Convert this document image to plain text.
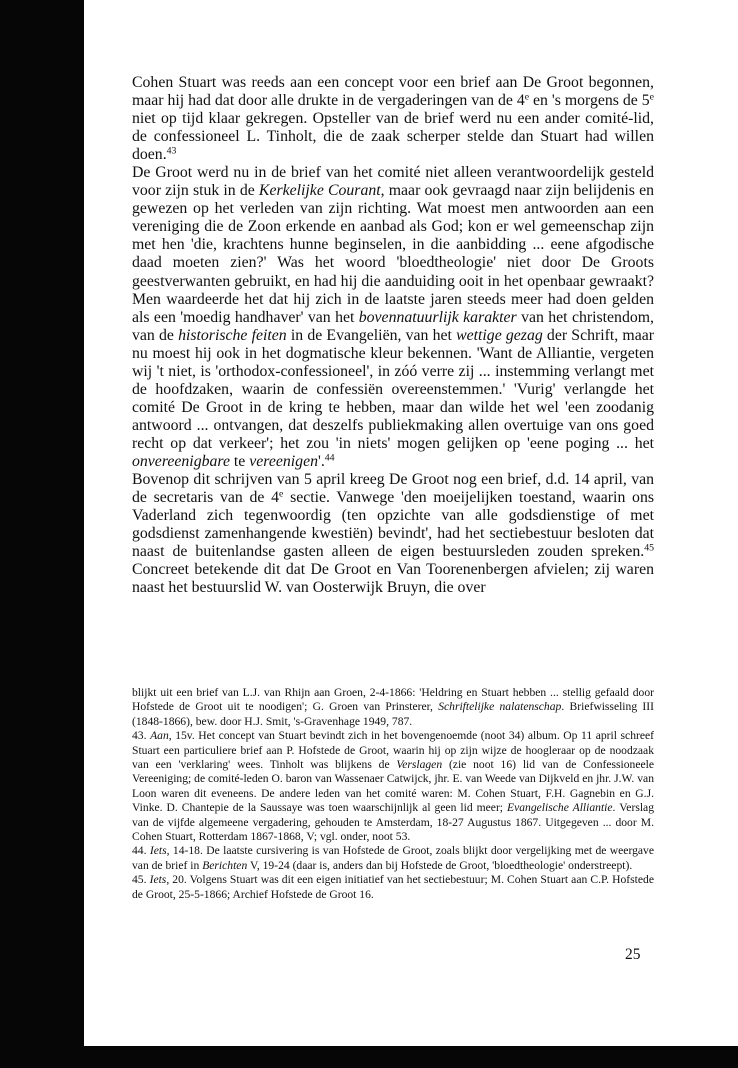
Cohen Stuart was reeds aan een concept voor een brief aan De Groot begonnen, maar hij had dat door alle drukte in de vergaderingen van de 4e en 's morgens de 5e niet op tijd klaar gekregen. Opsteller van de brief werd nu een ander comité-lid, de confessioneel L. Tinholt, die de zaak scherper stelde dan Stuart had willen doen.$^{43}$

De Groot werd nu in de brief van het comité niet alleen verantwoordelijk gesteld voor zijn stuk in de Kerkelijke Courant, maar ook gevraagd naar zijn belijdenis en gewezen op het verleden van zijn richting. Wat moest men antwoorden aan een vereniging die de Zoon erkende en aanbad als God; kon er wel gemeenschap zijn met hen 'die, krachtens hunne beginselen, in die aanbidding ... eene afgodische daad moeten zien?' Was het woord 'bloedtheologie' niet door De Groots geestverwanten gebruikt, en had hij die aanduiding ooit in het openbaar gewraakt? Men waardeerde het dat hij zich in de laatste jaren steeds meer had doen gelden als een 'moedig handhaver' van het bovennatuurlijk karakter van het christendom, van de historische feiten in de Evangeliën, van het wettige gezag der Schrift, maar nu moest hij ook in het dogmatische kleur bekennen. 'Want de Alliantie, vergeten wij 't niet, is 'orthodox-confessioneel', in zóó verre zij ... instemming verlangt met de hoofdzaken, waarin de confessiën overeenstemmen.' 'Vurig' verlangde het comité De Groot in de kring te hebben, maar dan wilde het wel 'een zoodanig antwoord ... ontvangen, dat deszelfs publiekmaking allen overtuige van ons goed recht op dat verkeer'; het zou 'in niets' mogen gelijken op 'eene poging ... het onvereenigbare te vereenigen'.$^{44}$

Bovenop dit schrijven van 5 april kreeg De Groot nog een brief, d.d. 14 april, van de secretaris van de 4e sectie. Vanwege 'den moeijelijken toestand, waarin ons Vaderland zich tegenwoordig (ten opzichte van alle godsdienstige of met godsdienst zamenhangende kwestiën) bevindt', had het sectiebestuur besloten dat naast de buitenlandse gasten alleen de eigen bestuursleden zouden spreken.$^{45}$ Concreet betekende dit dat De Groot en Van Toorenenbergen afvielen; zij waren naast het bestuurslid W. van Oosterwijk Bruyn, die over

blijkt uit een brief van L.J. van Rhijn aan Groen, 2-4-1866: 'Heldring en Stuart hebben ... stellig gefaald door Hofstede de Groot uit te noodigen'; G. Groen van Prinsterer, Schriftelijke nalatenschap. Briefwisseling III (1848-1866), bew. door H.J. Smit, 's-Gravenhage 1949, 787.

43. Aan, 15v. Het concept van Stuart bevindt zich in het bovengenoemde (noot 34) album. Op 11 april schreef Stuart een particuliere brief aan P. Hofstede de Groot, waarin hij op zijn wijze de hoogleraar op de noodzaak van een 'verklaring' wees. Tinholt was blijkens de Verslagen (zie noot 16) lid van de Confessioneele Vereeniging; de comité-leden O. baron van Wassenaer Catwijck, jhr. E. van Weede van Dijkveld en jhr. J.W. van Loon waren dit eveneens. De andere leden van het comité waren: M. Cohen Stuart, F.H. Gagnebin en G.J. Vinke. D. Chantepie de la Saussaye was toen waarschijnlijk al geen lid meer; Evangelische Alliantie. Verslag van de vijfde algemeene vergadering, gehouden te Amsterdam, 18-27 Augustus 1867. Uitgegeven ... door M. Cohen Stuart, Rotterdam 1867-1868, V; vgl. onder, noot 53.

44. Iets, 14-18. De laatste cursivering is van Hofstede de Groot, zoals blijkt door vergelijking met de weergave van de brief in Berichten V, 19-24 (daar is, anders dan bij Hofstede de Groot, 'bloedtheologie' onderstreept).

45. Iets, 20. Volgens Stuart was dit een eigen initiatief van het sectiebestuur; M. Cohen Stuart aan C.P. Hofstede de Groot, 25-5-1866; Archief Hofstede de Groot 16.

25
